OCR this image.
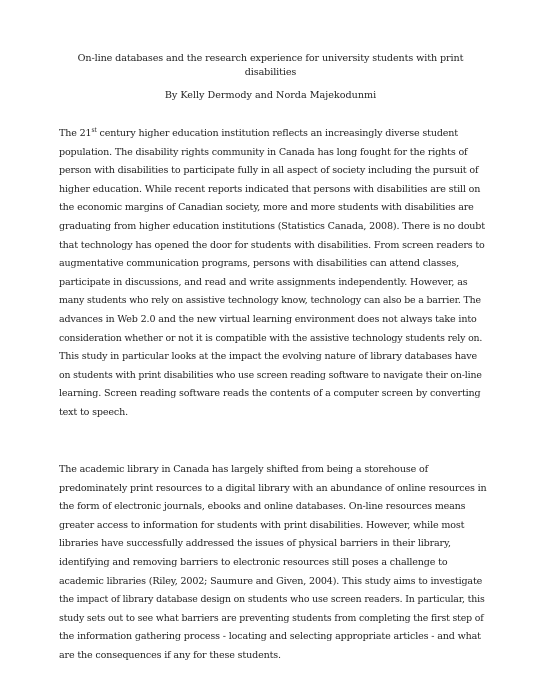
On-line databases and the research experience for university students with print
disabilities
By Kelly Dermody and Norda Majekodunmi
The 21st century higher education institution reflects an increasingly diverse student
population. The disability rights community in Canada has long fought for the rights of
person with disabilities to participate fully in all aspect of society including the pursuit of
higher education. While recent reports indicated that persons with disabilities are still on
the economic margins of Canadian society, more and more students with disabilities are
graduating from higher education institutions (Statistics Canada, 2008). There is no doubt
that technology has opened the door for students with disabilities. From screen readers to
augmentative communication programs, persons with disabilities can attend classes,
participate in discussions, and read and write assignments independently. However, as
many students who rely on assistive technology know, technology can also be a barrier. The
advances in Web 2.0 and the new virtual learning environment does not always take into
consideration whether or not it is compatible with the assistive technology students rely on.
This study in particular looks at the impact the evolving nature of library databases have
on students with print disabilities who use screen reading software to navigate their on-line
learning. Screen reading software reads the contents of a computer screen by converting
text to speech.
The academic library in Canada has largely shifted from being a storehouse of
predominately print resources to a digital library with an abundance of online resources in
the form of electronic journals, ebooks and online databases. On-line resources means
greater access to information for students with print disabilities. However, while most
libraries have successfully addressed the issues of physical barriers in their library,
identifying and removing barriers to electronic resources still poses a challenge to
academic libraries (Riley, 2002; Saumure and Given, 2004). This study aims to investigate
the impact of library database design on students who use screen readers. In particular, this
study sets out to see what barriers are preventing students from completing the first step of
the information gathering process - locating and selecting appropriate articles - and what
are the consequences if any for these students.
